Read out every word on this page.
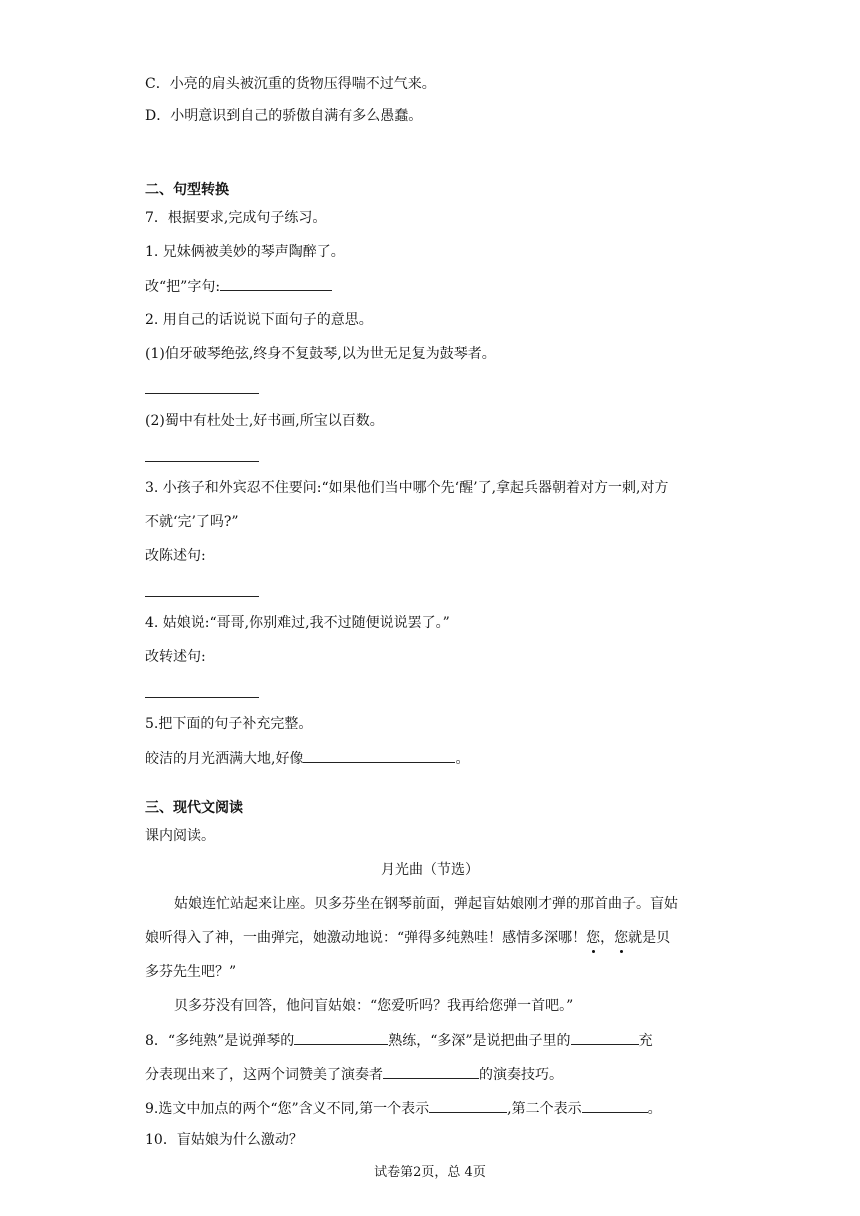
C．小亮的肩头被沉重的货物压得喘不过气来。
D．小明意识到自己的骄傲自满有多么愚蠢。
二、句型转换
7．根据要求,完成句子练习。
1. 兄妹俩被美妙的琴声陶醉了。
改“把”字句:
2. 用自己的话说说下面句子的意思。
(1)伯牙破琴绝弦,终身不复鼓琴,以为世无足复为鼓琴者。
(2)蜀中有杜处士,好书画,所宝以百数。
3. 小孩子和外宾忍不住要问:“如果他们当中哪个先‘醒’了,拿起兵器朝着对方一刺,对方
不就‘完’了吗?”
改陈述句:
4. 姑娘说:“哥哥,你别难过,我不过随便说说罢了。”
改转述句:
5.把下面的句子补充完整。
皎洁的月光洒满大地,好像	。
三、现代文阅读
课内阅读。
月光曲（节选）
姑娘连忙站起来让座。贝多芬坐在钢琴前面，弹起盲姑娘刚才弹的那首曲子。盲姑
娘听得入了神，一曲弹完，她激动地说：“弹得多纯熟哇！感情多深哪！您，您就是贝
多芬先生吧？”
贝多芬没有回答，他问盲姑娘：“您爱听吗？我再给您弹一首吧。”
8．“多纯熟”是说弹琴的	熟练，“多深”是说把曲子里的	充
分表现出来了，这两个词赞美了演奏者	的演奏技巧。
9.选文中加点的两个“您”含义不同,第一个表示	,第二个表示	。
10．盲姑娘为什么激动？
试卷第2页，总 4页
